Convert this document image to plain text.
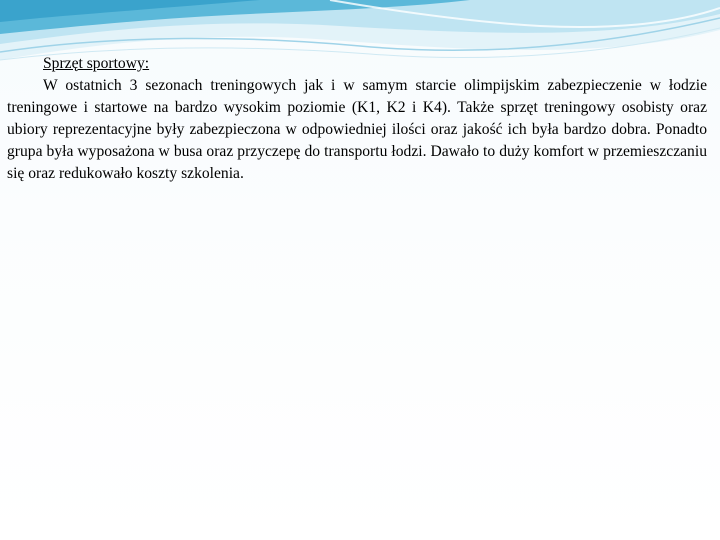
Sprzęt sportowy:

W ostatnich 3 sezonach treningowych jak i w samym starcie olimpijskim zabezpieczenie w łodzie treningowe i startowe na bardzo wysokim poziomie (K1, K2 i K4). Także sprzęt treningowy osobisty oraz ubiory reprezentacyjne były zabezpieczona w odpowiedniej ilości oraz jakość ich była bardzo dobra. Ponadto grupa była wyposażona w busa oraz przyczepę do transportu łodzi. Dawało to duży komfort w przemieszczaniu się oraz redukowało koszty szkolenia.
